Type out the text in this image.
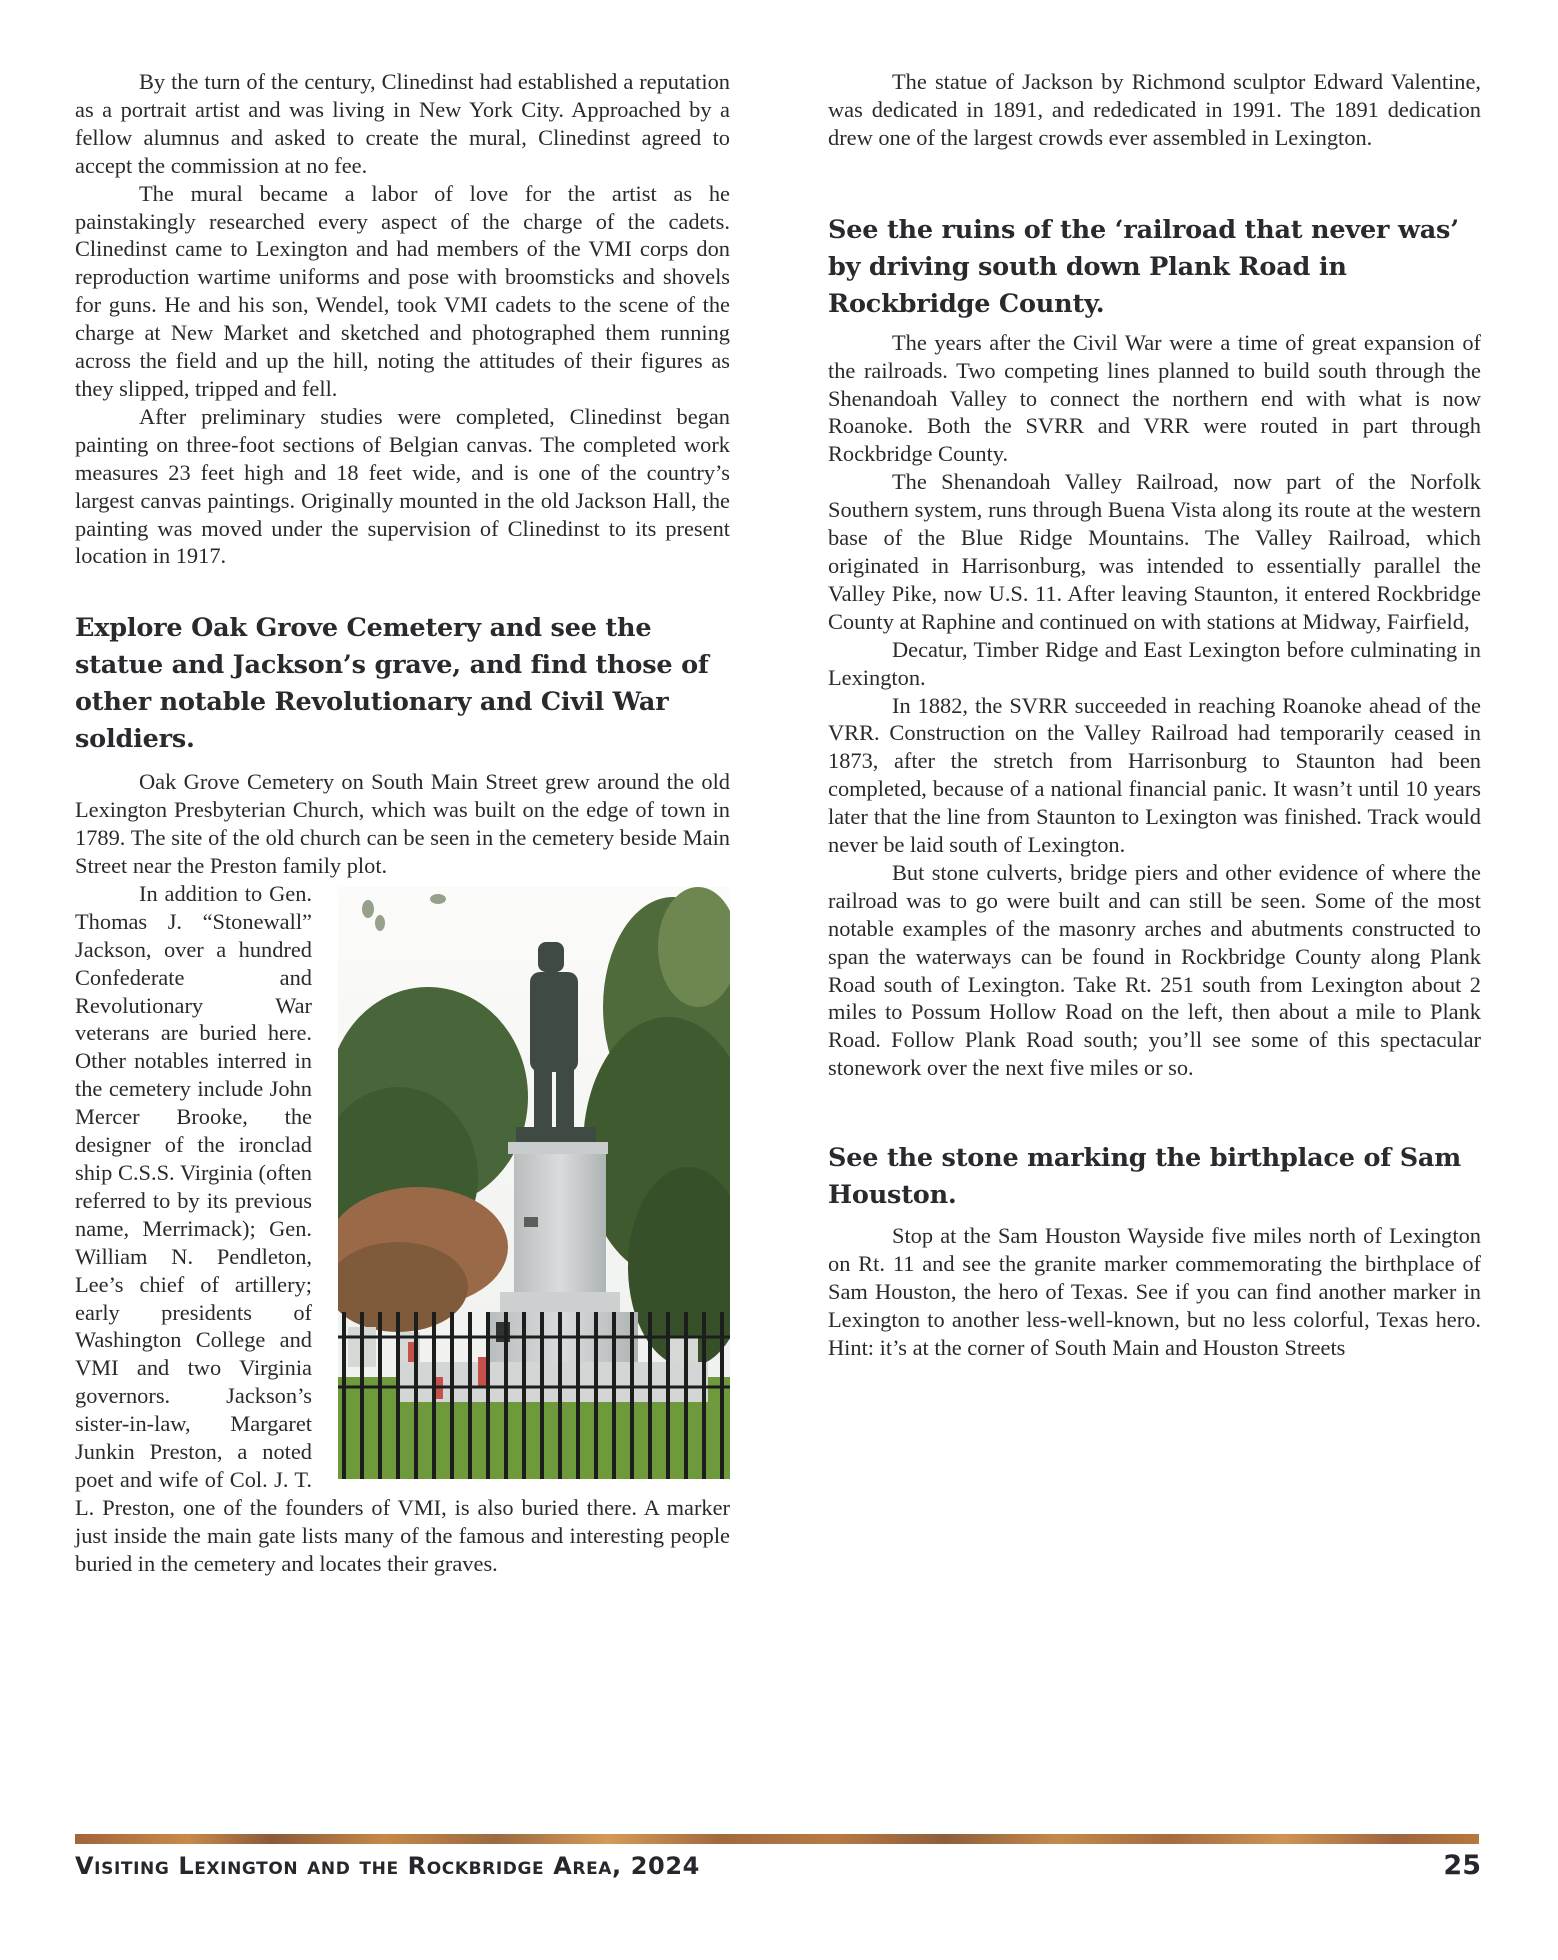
By the turn of the century, Clinedinst had established a reputation as a portrait artist and was living in New York City. Approached by a fellow alumnus and asked to create the mural, Clinedinst agreed to accept the commission at no fee.

The mural became a labor of love for the artist as he painstakingly researched every aspect of the charge of the cadets. Clinedinst came to Lexington and had members of the VMI corps don reproduction wartime uniforms and pose with broomsticks and shovels for guns. He and his son, Wendel, took VMI cadets to the scene of the charge at New Market and sketched and photographed them running across the field and up the hill, noting the attitudes of their figures as they slipped, tripped and fell.

After preliminary studies were completed, Clinedinst began painting on three-foot sections of Belgian canvas. The completed work measures 23 feet high and 18 feet wide, and is one of the country’s largest canvas paintings. Originally mounted in the old Jackson Hall, the painting was moved under the supervision of Clinedinst to its present location in 1917.

Explore Oak Grove Cemetery and see the statue and Jackson’s grave, and find those of other notable Revolutionary and Civil War soldiers.

Oak Grove Cemetery on South Main Street grew around the old Lexington Presbyterian Church, which was built on the edge of town in 1789. The site of the old church can be seen in the cemetery beside Main Street near the Preston family plot.

In addition to Gen. Thomas J. “Stonewall” Jackson, over a hundred Confederate and Revolutionary War veterans are buried here. Other notables interred in the cemetery include John Mercer Brooke, the designer of the ironclad ship C.S.S. Virginia (often referred to by its previous name, Merrimack); Gen. William N. Pendleton, Lee’s chief of artillery; early presidents of Washington College and VMI and two Virginia governors. Jackson’s sister-in-law, Margaret Junkin Preston, a noted poet and wife of Col. J. T. L. Preston, one of the founders of VMI, is also buried there. A marker just inside the main gate lists many of the famous and interesting people buried in the cemetery and locates their graves.

The statue of Jackson by Richmond sculptor Edward Valentine, was dedicated in 1891, and rededicated in 1991. The 1891 dedication drew one of the largest crowds ever assembled in Lexington.

See the ruins of the ‘railroad that never was’ by driving south down Plank Road in Rockbridge County.

The years after the Civil War were a time of great expansion of the railroads. Two competing lines planned to build south through the Shenandoah Valley to connect the northern end with what is now Roanoke. Both the SVRR and VRR were routed in part through Rockbridge County.

The Shenandoah Valley Railroad, now part of the Norfolk Southern system, runs through Buena Vista along its route at the western base of the Blue Ridge Mountains. The Valley Railroad, which originated in Harrisonburg, was intended to essentially parallel the Valley Pike, now U.S. 11. After leaving Staunton, it entered Rockbridge County at Raphine and continued on with stations at Midway, Fairfield,

Decatur, Timber Ridge and East Lexington before culminating in Lexington.

In 1882, the SVRR succeeded in reaching Roanoke ahead of the VRR. Construction on the Valley Railroad had temporarily ceased in 1873, after the stretch from Harrisonburg to Staunton had been completed, because of a national financial panic. It wasn’t until 10 years later that the line from Staunton to Lexington was finished. Track would never be laid south of Lexington.

But stone culverts, bridge piers and other evidence of where the railroad was to go were built and can still be seen. Some of the most notable examples of the masonry arches and abutments constructed to span the waterways can be found in Rockbridge County along Plank Road south of Lexington. Take Rt. 251 south from Lexington about 2 miles to Possum Hollow Road on the left, then about a mile to Plank Road. Follow Plank Road south; you’ll see some of this spectacular stonework over the next five miles or so.

See the stone marking the birthplace of Sam Houston.

Stop at the Sam Houston Wayside five miles north of Lexington on Rt. 11 and see the granite marker commemorating the birthplace of Sam Houston, the hero of Texas. See if you can find another marker in Lexington to another less-well-known, but no less colorful, Texas hero. Hint: it’s at the corner of South Main and Houston Streets

Visiting Lexington and the Rockbridge Area, 2024	25
